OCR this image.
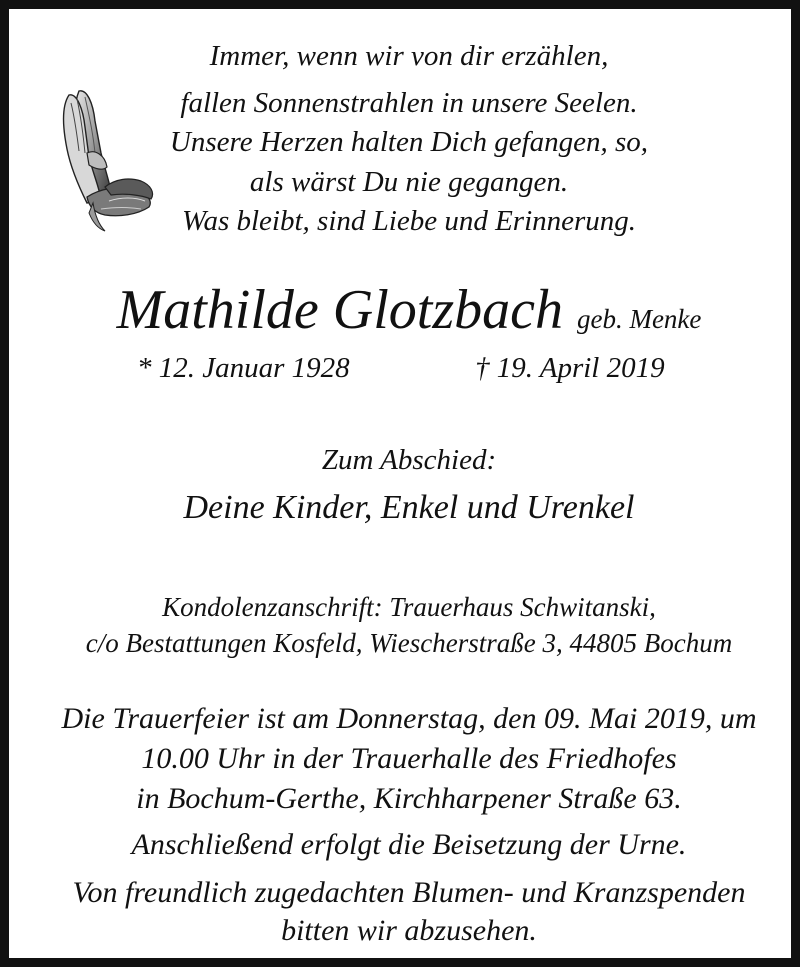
Immer, wenn wir von dir erzählen,
fallen Sonnenstrahlen in unsere Seelen.
Unsere Herzen halten Dich gefangen, so,
als wärst Du nie gegangen.
Was bleibt, sind Liebe und Erinnerung.
Mathilde Glotzbach geb. Menke
* 12. Januar 1928	† 19. April 2019
Zum Abschied:
Deine Kinder, Enkel und Urenkel
Kondolenzanschrift: Trauerhaus Schwitanski,
c/o Bestattungen Kosfeld, Wiescherstraße 3, 44805 Bochum
Die Trauerfeier ist am Donnerstag, den 09. Mai 2019, um
10.00 Uhr in der Trauerhalle des Friedhofes
in Bochum-Gerthe, Kirchharpener Straße 63.
Anschließend erfolgt die Beisetzung der Urne.
Von freundlich zugedachten Blumen- und Kranzspenden
bitten wir abzusehen.
